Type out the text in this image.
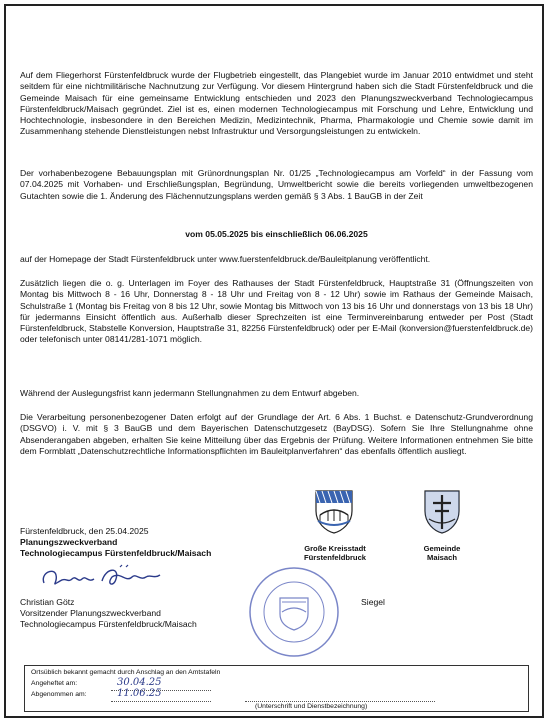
Auf dem Fliegerhorst Fürstenfeldbruck wurde der Flugbetrieb eingestellt, das Plangebiet wurde im Januar 2010 entwidmet und steht seitdem für eine nichtmilitärische Nachnutzung zur Verfügung. Vor diesem Hintergrund haben sich die Stadt Fürstenfeldbruck und die Gemeinde Maisach für eine gemeinsame Entwicklung entschieden und 2023 den Planungszweckverband Technologiecampus Fürstenfeldbruck/Maisach gegründet. Ziel ist es, einen modernen Technologiecampus mit Forschung und Lehre, Entwicklung und Hochtechnologie, insbesondere in den Bereichen Medizin, Medizintechnik, Pharma, Pharmakologie und Chemie sowie damit im Zusammenhang stehende Dienstleistungen nebst Infrastruktur und Versorgungsleistungen zu entwickeln.

Der vorhabenbezogene Bebauungsplan mit Grünordnungsplan Nr. 01/25 „Technologiecampus am Vorfeld“ in der Fassung vom 07.04.2025 mit Vorhaben- und Erschließungsplan, Begründung, Umweltbericht sowie die bereits vorliegenden umweltbezogenen Gutachten sowie die 1. Änderung des Flächennutzungsplans werden gemäß § 3 Abs. 1 BauGB in der Zeit

vom 05.05.2025 bis einschließlich 06.06.2025

auf der Homepage der Stadt Fürstenfeldbruck unter www.fuerstenfeldbruck.de/Bauleitplanung veröffentlicht.

Zusätzlich liegen die o. g. Unterlagen im Foyer des Rathauses der Stadt Fürstenfeldbruck, Hauptstraße 31 (Öffnungszeiten von Montag bis Mittwoch 8 - 16 Uhr, Donnerstag 8 - 18 Uhr und Freitag von 8 - 12 Uhr) sowie im Rathaus der Gemeinde Maisach, Schulstraße 1 (Montag bis Freitag von 8 bis 12 Uhr, sowie Montag bis Mittwoch von 13 bis 16 Uhr und donnerstags von 13 bis 18 Uhr) für jedermanns Einsicht öffentlich aus. Außerhalb dieser Sprechzeiten ist eine Terminvereinbarung entweder per Post (Stadt Fürstenfeldbruck, Stabstelle Konversion, Hauptstraße 31, 82256 Fürstenfeldbruck) oder per E-Mail (konversion@fuerstenfeldbruck.de) oder telefonisch unter 08141/281-1071 möglich.

Während der Auslegungsfrist kann jedermann Stellungnahmen zu dem Entwurf abgeben.

Die Verarbeitung personenbezogener Daten erfolgt auf der Grundlage der Art. 6 Abs. 1 Buchst. e Datenschutz-Grundverordnung (DSGVO) i. V. mit § 3 BauGB und dem Bayerischen Datenschutzgesetz (BayDSG). Sofern Sie Ihre Stellungnahme ohne Absenderangaben abgeben, erhalten Sie keine Mitteilung über das Ergebnis der Prüfung. Weitere Informationen entnehmen Sie bitte dem Formblatt „Datenschutzrechtliche Informationspflichten im Bauleitplanverfahren“ das ebenfalls öffentlich ausliegt.

Fürstenfeldbruck, den 25.04.2025
Planungszweckverband
Technologiecampus Fürstenfeldbruck/Maisach
Christian Götz
Vorsitzender Planungszweckverband
Technologiecampus Fürstenfeldbruck/Maisach
Große Kreisstadt
Fürstenfeldbruck
Gemeinde
Maisach
Siegel
Ortsüblich bekannt gemacht durch Anschlag an den Amtstafeln
Angeheftet am:	30.04.25
Abgenommen am:	11.06.25
(Unterschrift und Dienstbezeichnung)
